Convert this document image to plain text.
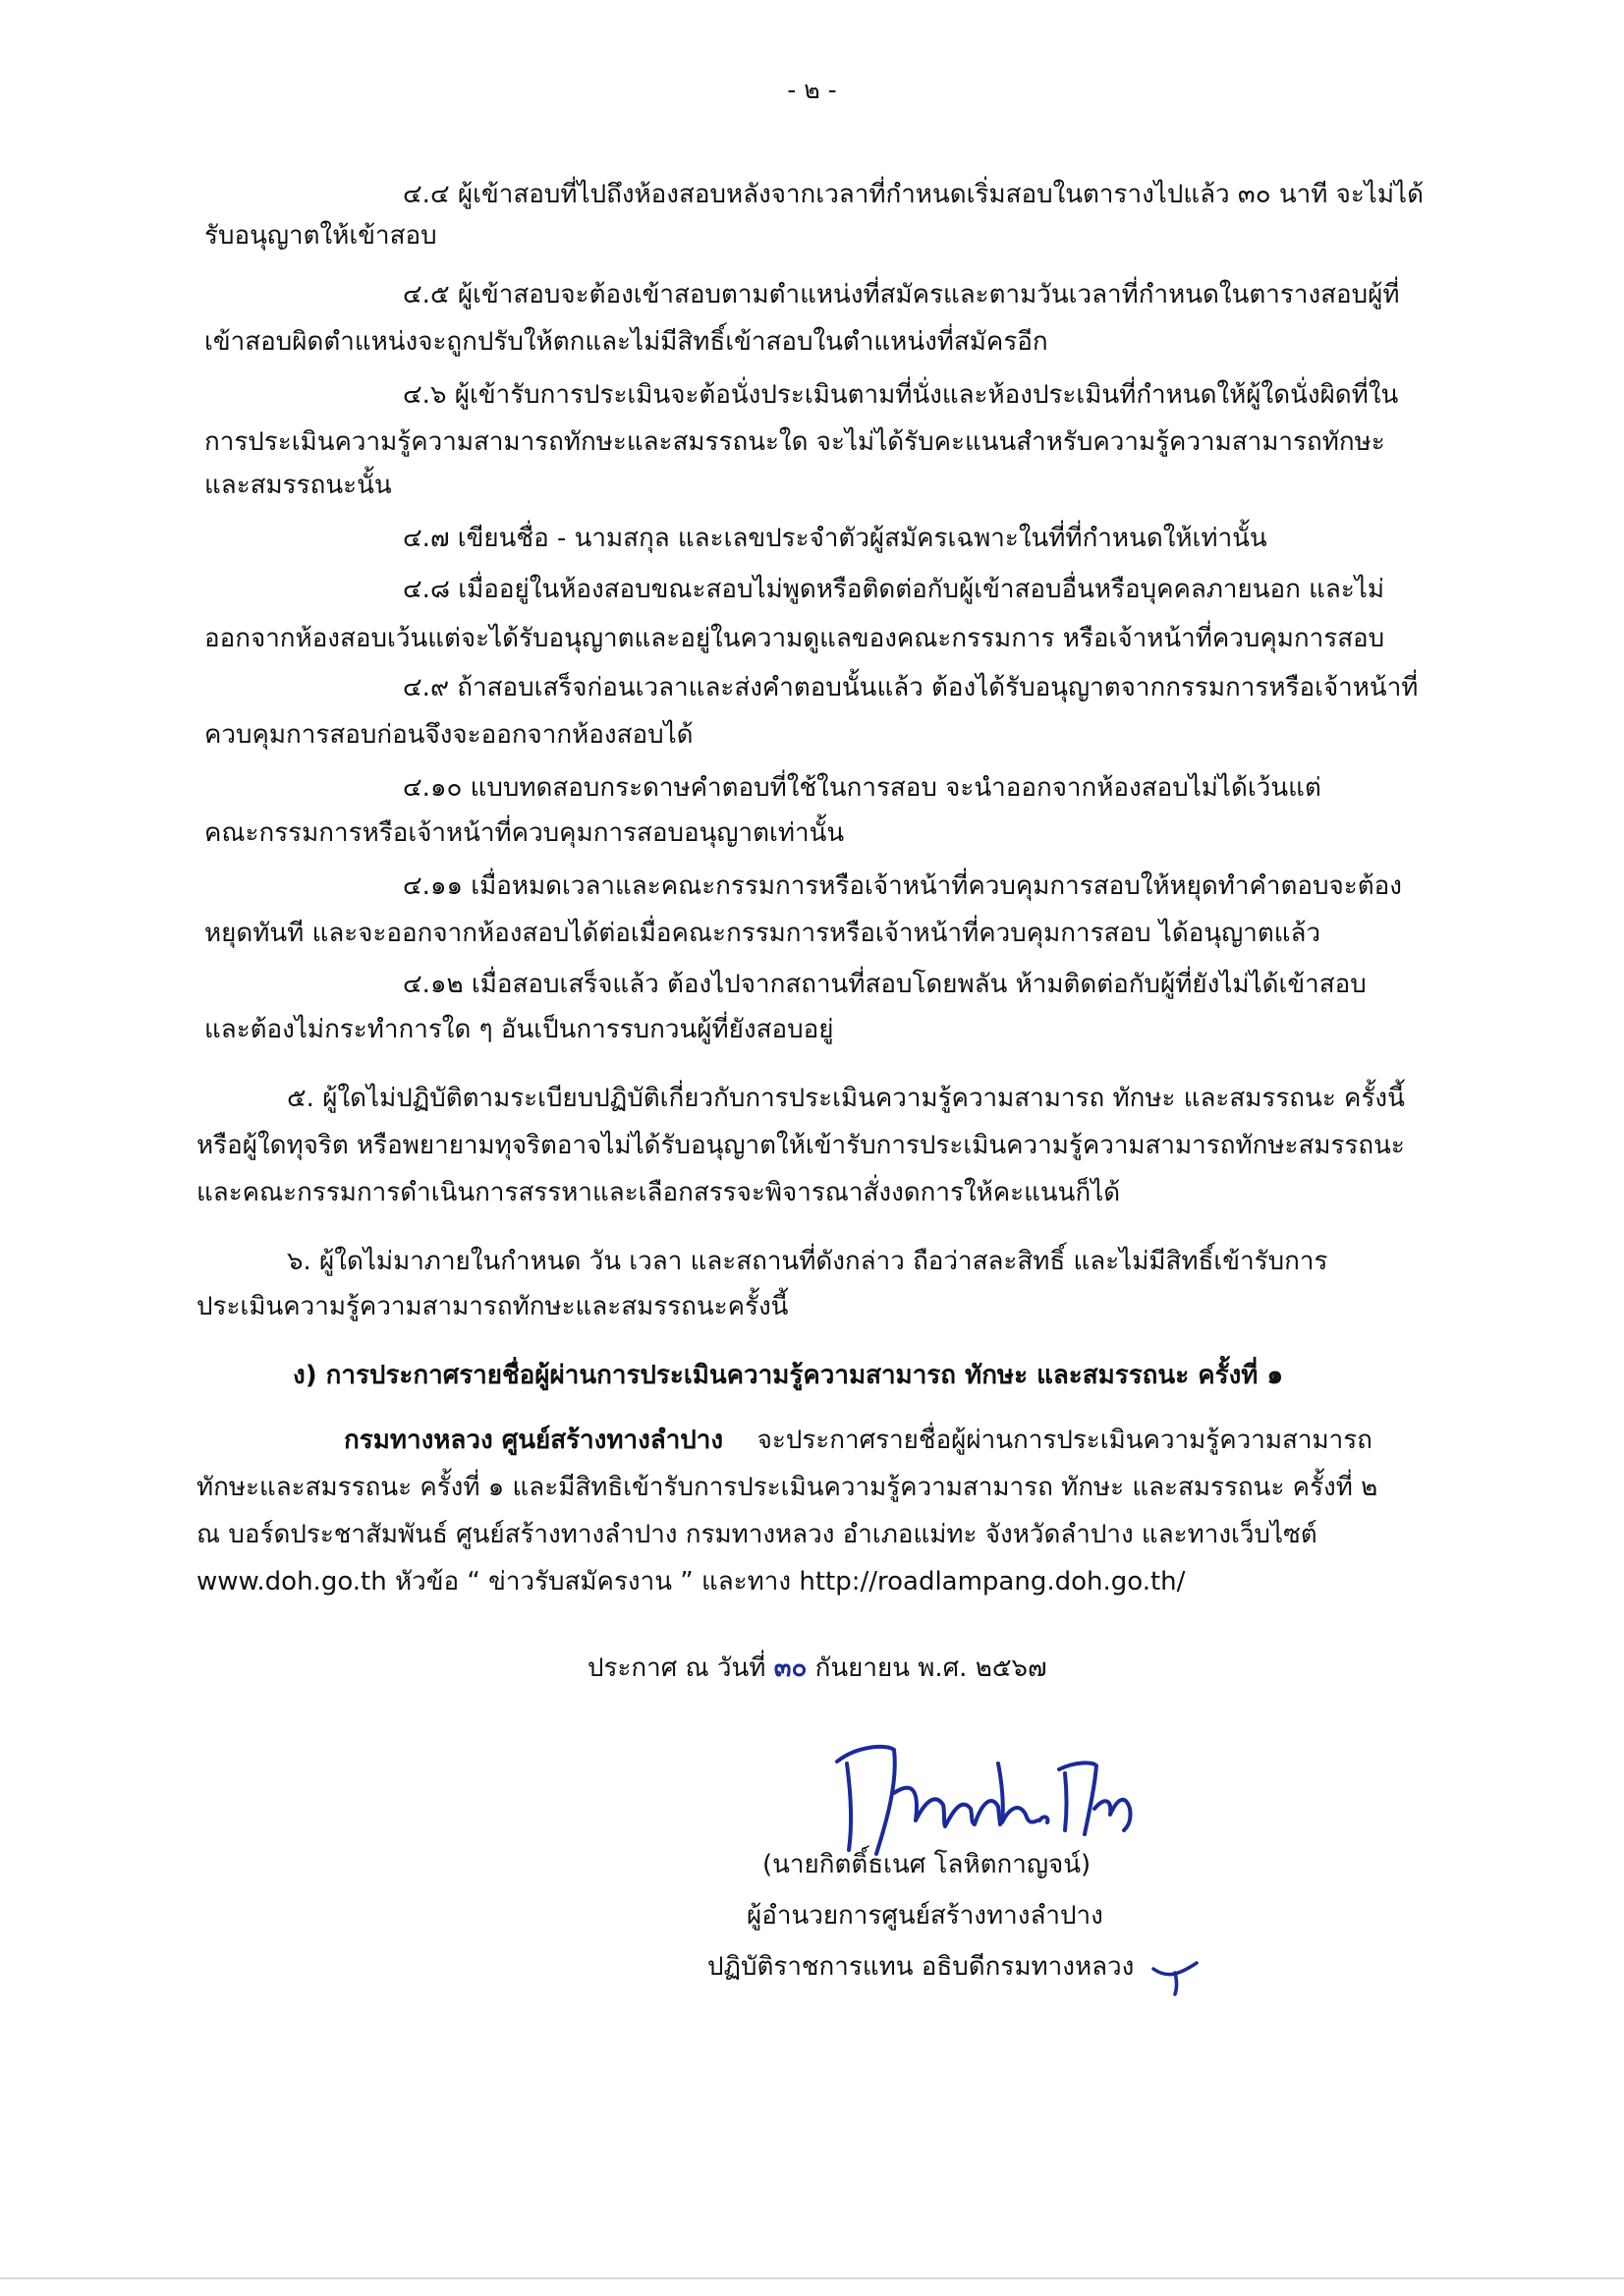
- ๒ -
๔.๔ ผู้เข้าสอบที่ไปถึงห้องสอบหลังจากเวลาที่กำหนดเริ่มสอบในตารางไปแล้ว ๓๐ นาที จะไม่ได้
รับอนุญาตให้เข้าสอบ
๔.๕ ผู้เข้าสอบจะต้องเข้าสอบตามตำแหน่งที่สมัครและตามวันเวลาที่กำหนดในตารางสอบผู้ที่
เข้าสอบผิดตำแหน่งจะถูกปรับให้ตกและไม่มีสิทธิ์เข้าสอบในตำแหน่งที่สมัครอีก
๔.๖ ผู้เข้ารับการประเมินจะต้อนั่งประเมินตามที่นั่งและห้องประเมินที่กำหนดให้ผู้ใดนั่งผิดที่ใน
การประเมินความรู้ความสามารถทักษะและสมรรถนะใด จะไม่ได้รับคะแนนสำหรับความรู้ความสามารถทักษะ
และสมรรถนะนั้น
๔.๗ เขียนชื่อ - นามสกุล และเลขประจำตัวผู้สมัครเฉพาะในที่ที่กำหนดให้เท่านั้น
๔.๘ เมื่ออยู่ในห้องสอบขณะสอบไม่พูดหรือติดต่อกับผู้เข้าสอบอื่นหรือบุคคลภายนอก และไม่
ออกจากห้องสอบเว้นแต่จะได้รับอนุญาตและอยู่ในความดูแลของคณะกรรมการ หรือเจ้าหน้าที่ควบคุมการสอบ
๔.๙ ถ้าสอบเสร็จก่อนเวลาและส่งคำตอบนั้นแล้ว ต้องได้รับอนุญาตจากกรรมการหรือเจ้าหน้าที่
ควบคุมการสอบก่อนจึงจะออกจากห้องสอบได้
๔.๑๐ แบบทดสอบกระดาษคำตอบที่ใช้ในการสอบ จะนำออกจากห้องสอบไม่ได้เว้นแต่
คณะกรรมการหรือเจ้าหน้าที่ควบคุมการสอบอนุญาตเท่านั้น
๔.๑๑ เมื่อหมดเวลาและคณะกรรมการหรือเจ้าหน้าที่ควบคุมการสอบให้หยุดทำคำตอบจะต้อง
หยุดทันที และจะออกจากห้องสอบได้ต่อเมื่อคณะกรรมการหรือเจ้าหน้าที่ควบคุมการสอบ ได้อนุญาตแล้ว
๔.๑๒ เมื่อสอบเสร็จแล้ว ต้องไปจากสถานที่สอบโดยพลัน ห้ามติดต่อกับผู้ที่ยังไม่ได้เข้าสอบ
และต้องไม่กระทำการใด ๆ อันเป็นการรบกวนผู้ที่ยังสอบอยู่
๕. ผู้ใดไม่ปฏิบัติตามระเบียบปฏิบัติเกี่ยวกับการประเมินความรู้ความสามารถ ทักษะ และสมรรถนะ ครั้งนี้
หรือผู้ใดทุจริต หรือพยายามทุจริตอาจไม่ได้รับอนุญาตให้เข้ารับการประเมินความรู้ความสามารถทักษะสมรรถนะ
และคณะกรรมการดำเนินการสรรหาและเลือกสรรจะพิจารณาสั่งงดการให้คะแนนก็ได้
๖. ผู้ใดไม่มาภายในกำหนด วัน เวลา และสถานที่ดังกล่าว ถือว่าสละสิทธิ์ และไม่มีสิทธิ์เข้ารับการ
ประเมินความรู้ความสามารถทักษะและสมรรถนะครั้งนี้
ง) การประกาศรายชื่อผู้ผ่านการประเมินความรู้ความสามารถ ทักษะ และสมรรถนะ ครั้งที่ ๑
กรมทางหลวง ศูนย์สร้างทางลำปาง จะประกาศรายชื่อผู้ผ่านการประเมินความรู้ความสามารถ
ทักษะและสมรรถนะ ครั้งที่ ๑ และมีสิทธิเข้ารับการประเมินความรู้ความสามารถ ทักษะ และสมรรถนะ ครั้งที่ ๒
ณ บอร์ดประชาสัมพันธ์ ศูนย์สร้างทางลำปาง กรมทางหลวง อำเภอแม่ทะ จังหวัดลำปาง และทางเว็บไซต์
www.doh.go.th หัวข้อ “ ข่าวรับสมัครงาน ” และทาง http://roadlampang.doh.go.th/
ประกาศ ณ วันที่ ๓๐ กันยายน พ.ศ. ๒๕๖๗
(นายกิตติ์ธเนศ โลหิตกาญจน์)
ผู้อำนวยการศูนย์สร้างทางลำปาง
ปฏิบัติราชการแทน อธิบดีกรมทางหลวง
